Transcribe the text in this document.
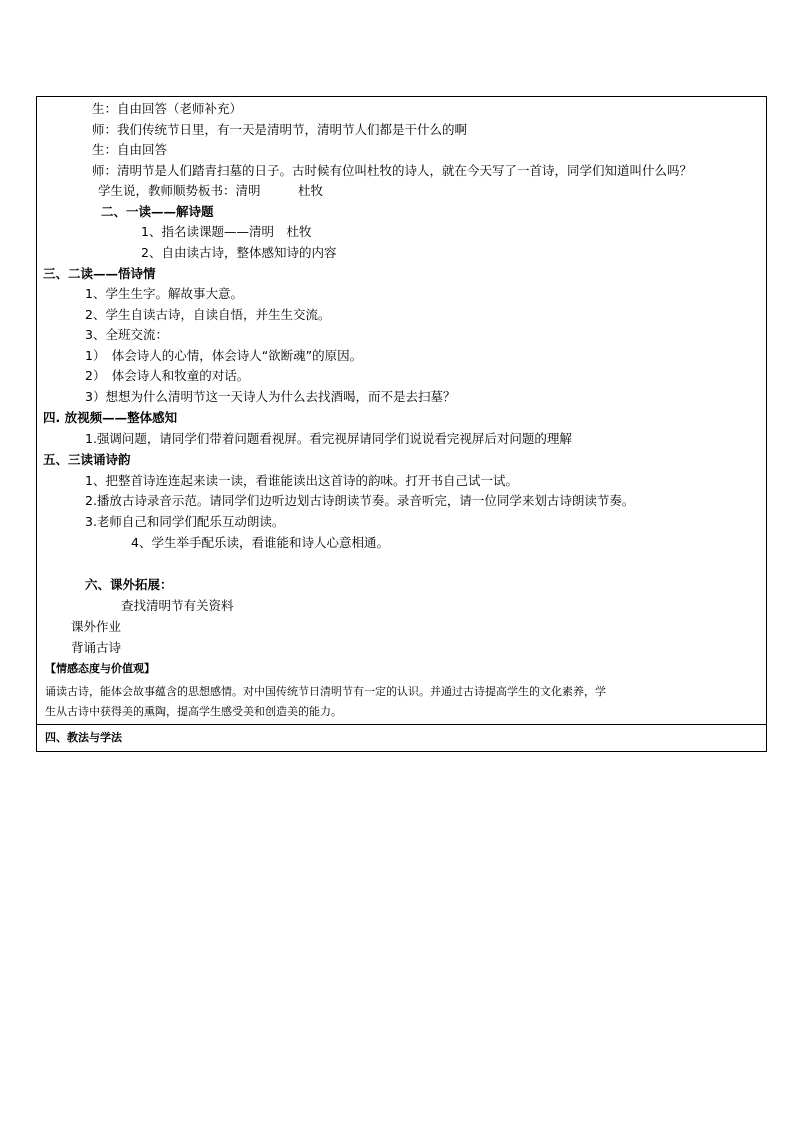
生：自由回答（老师补充）
师：我们传统节日里，有一天是清明节，清明节人们都是干什么的啊
生：自由回答
师：清明节是人们踏青扫墓的日子。古时候有位叫杜牧的诗人，就在今天写了一首诗，同学们知道叫什么吗？
学生说，教师顺势板书：清明　　　杜牧
二、一读——解诗题
1、指名读课题——清明　杜牧
2、自由读古诗，整体感知诗的内容
三、二读——悟诗情
1、学生生字。解故事大意。
2、学生自读古诗，自读自悟，并生生交流。
3、全班交流：
1）　体会诗人的心情，体会诗人“欲断魂”的原因。
2）　体会诗人和牧童的对话。
3）想想为什么清明节这一天诗人为什么去找酒喝，而不是去扫墓？
四. 放视频——整体感知
1.强调问题，请同学们带着问题看视屏。看完视屏请同学们说说看完视屏后对问题的理解
五、三读诵诗韵
1、把整首诗连连起来读一读，看谁能读出这首诗的韵味。打开书自己试一试。
2.播放古诗录音示范。请同学们边听边划古诗朗读节奏。录音听完，请一位同学来划古诗朗读节奏。
3.老师自己和同学们配乐互动朗读。
4、学生举手配乐读，看谁能和诗人心意相通。
六、课外拓展：
查找清明节有关资料
课外作业
背诵古诗
【情感态度与价值观】
诵读古诗，能体会故事蕴含的思想感情。对中国传统节日清明节有一定的认识。并通过古诗提高学生的文化素养，学
生从古诗中获得美的熏陶，提高学生感受美和创造美的能力。
四、教法与学法
